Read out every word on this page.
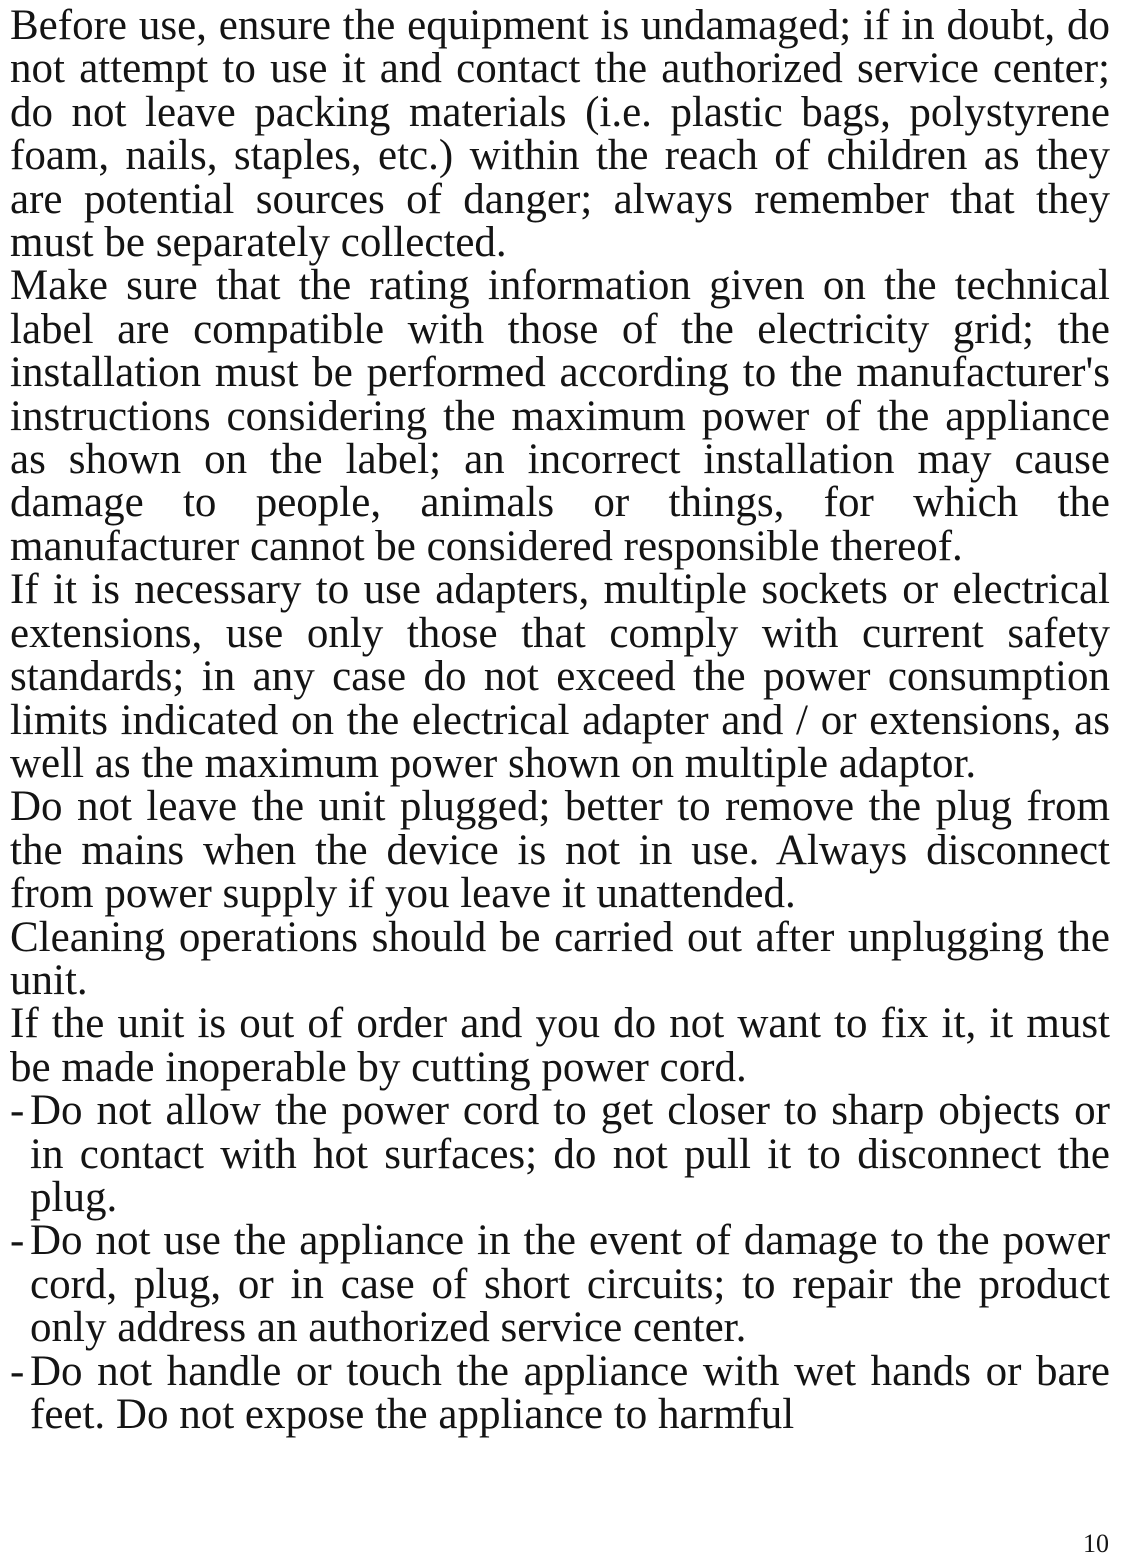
Before use, ensure the equipment is undamaged; if in doubt, do not attempt to use it and contact the authorized service center; do not leave packing materials (i.e. plastic bags, polystyrene foam, nails, staples, etc.) within the reach of children as they are potential sources of danger; always remember that they must be separately collected.

Make sure that the rating information given on the technical label are compatible with those of the electricity grid; the installation must be performed according to the manufacturer's instructions considering the maximum power of the appliance as shown on the label; an incorrect installation may cause damage to people, animals or things, for which the manufacturer cannot be considered responsible thereof.

If it is necessary to use adapters, multiple sockets or electrical extensions, use only those that comply with current safety standards; in any case do not exceed the power consumption limits indicated on the electrical adapter and / or extensions, as well as the maximum power shown on multiple adaptor.

Do not leave the unit plugged; better to remove the plug from the mains when the device is not in use. Always disconnect from power supply if you leave it unattended.

Cleaning operations should be carried out after unplugging the unit.

If the unit is out of order and you do not want to fix it, it must be made inoperable by cutting power cord.

- Do not allow the power cord to get closer to sharp objects or in contact with hot surfaces; do not pull it to disconnect the plug.
- Do not use the appliance in the event of damage to the power cord, plug, or in case of short circuits; to repair the product only address an authorized service center.
- Do not handle or touch the appliance with wet hands or bare feet. Do not expose the appliance to harmful
10
